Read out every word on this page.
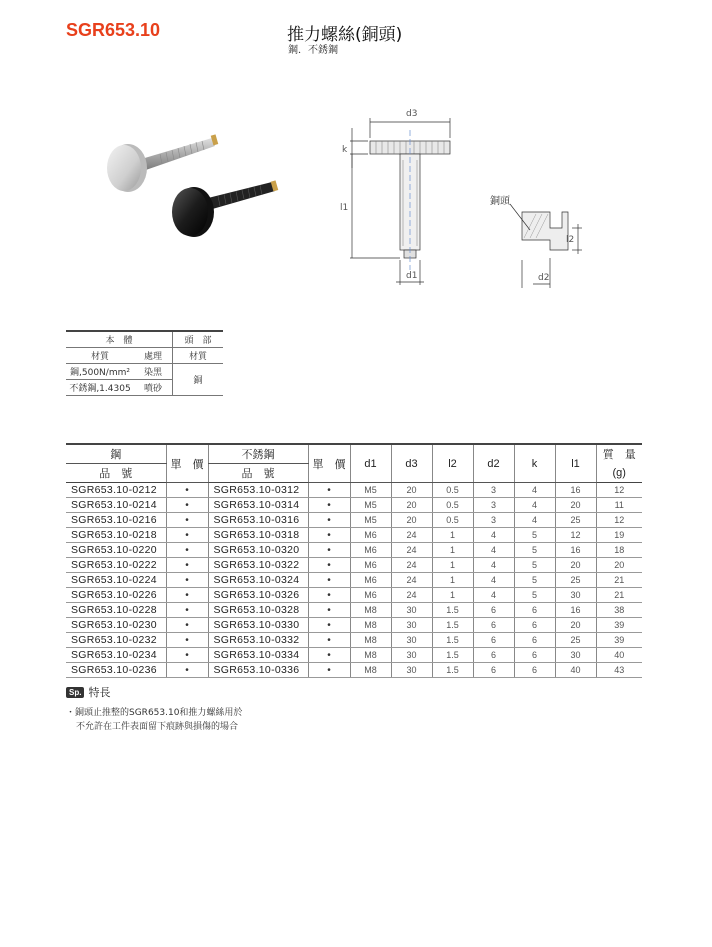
SGR653.10	推力螺絲(銅頭)
鋼．不銹鋼
d3
k
l1
d1
l2
d2
銅頭
本　體		頭　部
材質	處理	材質
鋼,500N/mm²	染黑	銅
不銹鋼,1.4305	噴砂	
鋼	單　價	不銹鋼	單　價	d1	d3	l2	d2	k	l1	質　量
品　號		品　號								(g)
SGR653.10-0212	•	SGR653.10-0312	•	M5	20	0.5	3	4	16	12
SGR653.10-0214	•	SGR653.10-0314	•	M5	20	0.5	3	4	20	11
SGR653.10-0216	•	SGR653.10-0316	•	M5	20	0.5	3	4	25	12
SGR653.10-0218	•	SGR653.10-0318	•	M6	24	1	4	5	12	19
SGR653.10-0220	•	SGR653.10-0320	•	M6	24	1	4	5	16	18
SGR653.10-0222	•	SGR653.10-0322	•	M6	24	1	4	5	20	20
SGR653.10-0224	•	SGR653.10-0324	•	M6	24	1	4	5	25	21
SGR653.10-0226	•	SGR653.10-0326	•	M6	24	1	4	5	30	21
SGR653.10-0228	•	SGR653.10-0328	•	M8	30	1.5	6	6	16	38
SGR653.10-0230	•	SGR653.10-0330	•	M8	30	1.5	6	6	20	39
SGR653.10-0232	•	SGR653.10-0332	•	M8	30	1.5	6	6	25	39
SGR653.10-0234	•	SGR653.10-0334	•	M8	30	1.5	6	6	30	40
SGR653.10-0236	•	SGR653.10-0336	•	M8	30	1.5	6	6	40	43
Sp. 特長
・銅頭止推整的SGR653.10和推力螺絲用於
不允許在工件表面留下痕跡與損傷的場合
